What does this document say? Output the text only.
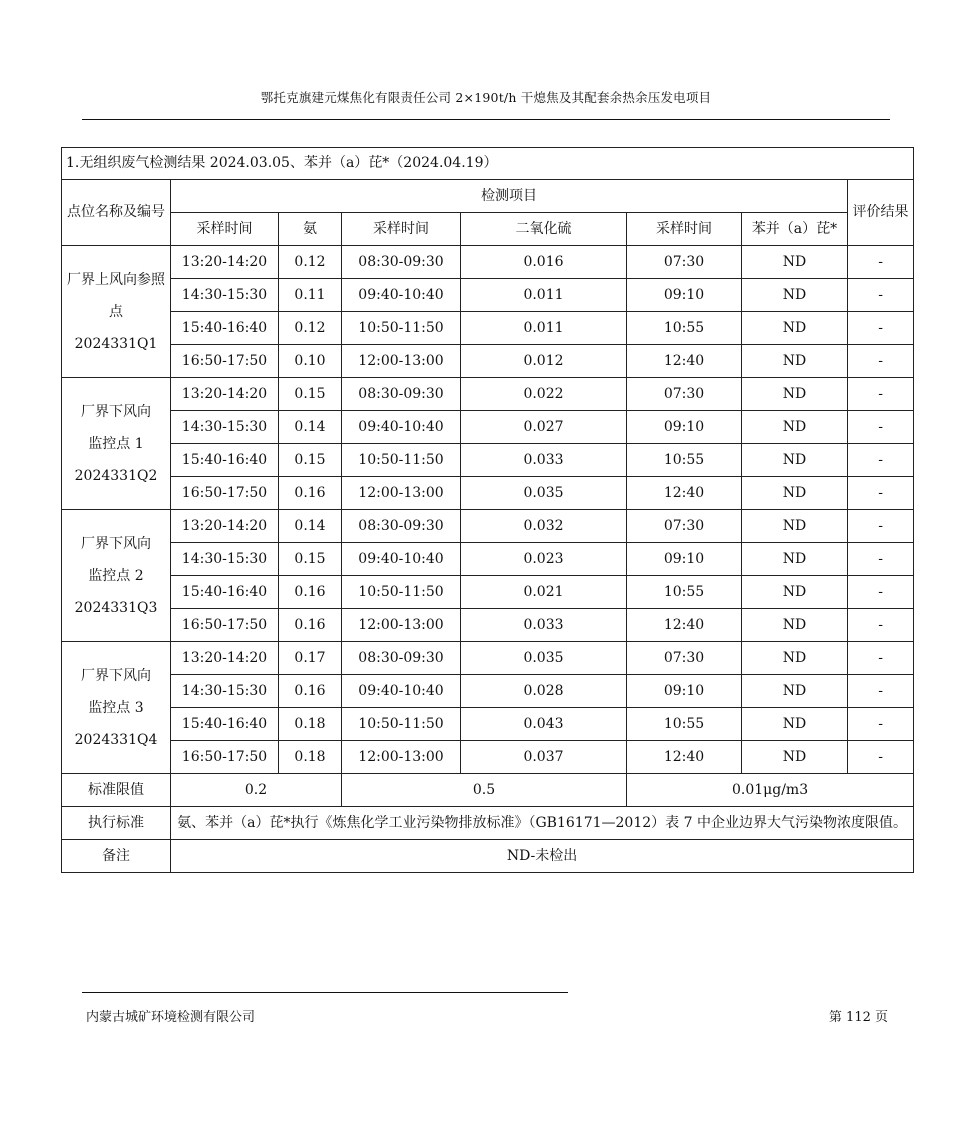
鄂托克旗建元煤焦化有限责任公司 2×190t/h 干熄焦及其配套余热余压发电项目
1.无组织废气检测结果 2024.03.05、苯并（a）芘*（2024.04.19）							
点位名称及编号	检测项目						评价结果
	采样时间	氨	采样时间	二氧化硫	采样时间	苯并（a）芘*	

厂界上风向参照点
2024331Q1	13:20-14:20	0.12	08:30-09:30	0.016	07:30	ND	-
	14:30-15:30	0.11	09:40-10:40	0.011	09:10	ND	-
	15:40-16:40	0.12	10:50-11:50	0.011	10:55	ND	-
	16:50-17:50	0.10	12:00-13:00	0.012	12:40	ND	-

厂界下风向
监控点 1
2024331Q2	13:20-14:20	0.15	08:30-09:30	0.022	07:30	ND	-
	14:30-15:30	0.14	09:40-10:40	0.027	09:10	ND	-
	15:40-16:40	0.15	10:50-11:50	0.033	10:55	ND	-
	16:50-17:50	0.16	12:00-13:00	0.035	12:40	ND	-

厂界下风向
监控点 2
2024331Q3	13:20-14:20	0.14	08:30-09:30	0.032	07:30	ND	-
	14:30-15:30	0.15	09:40-10:40	0.023	09:10	ND	-
	15:40-16:40	0.16	10:50-11:50	0.021	10:55	ND	-
	16:50-17:50	0.16	12:00-13:00	0.033	12:40	ND	-

厂界下风向
监控点 3
2024331Q4	13:20-14:20	0.17	08:30-09:30	0.035	07:30	ND	-
	14:30-15:30	0.16	09:40-10:40	0.028	09:10	ND	-
	15:40-16:40	0.18	10:50-11:50	0.043	10:55	ND	-
	16:50-17:50	0.18	12:00-13:00	0.037	12:40	ND	-
标准限值	0.2		0.5		0.01μg/m3		
执行标准	氨、苯并（a）芘*执行《炼焦化学工业污染物排放标准》（GB16171—2012）表 7 中企业边界大气污染物浓度限值。						
备注	ND-未检出						
内蒙古城矿环境检测有限公司	第 112 页
